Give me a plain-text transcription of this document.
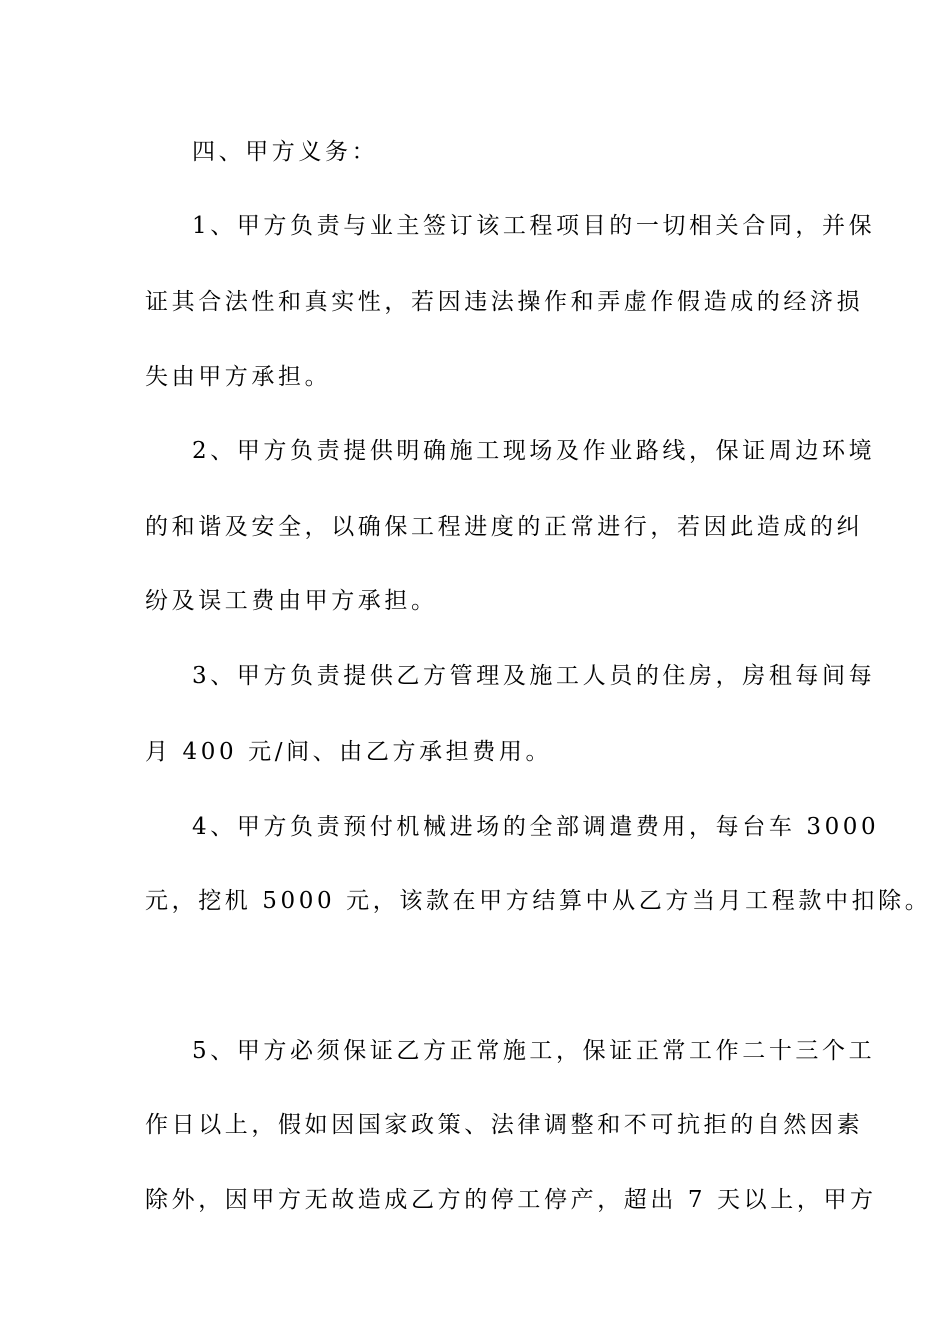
四、甲方义务：
1、甲方负责与业主签订该工程项目的一切相关合同，并保
证其合法性和真实性，若因违法操作和弄虚作假造成的经济损
失由甲方承担。
2、甲方负责提供明确施工现场及作业路线，保证周边环境
的和谐及安全，以确保工程进度的正常进行，若因此造成的纠
纷及误工费由甲方承担。
3、甲方负责提供乙方管理及施工人员的住房，房租每间每
月 400 元/间、由乙方承担费用。
4、甲方负责预付机械进场的全部调遣费用，每台车 3000
元，挖机 5000 元，该款在甲方结算中从乙方当月工程款中扣除。
5、甲方必须保证乙方正常施工，保证正常工作二十三个工
作日以上，假如因国家政策、法律调整和不可抗拒的自然因素
除外，因甲方无故造成乙方的停工停产，超出 7 天以上，甲方
